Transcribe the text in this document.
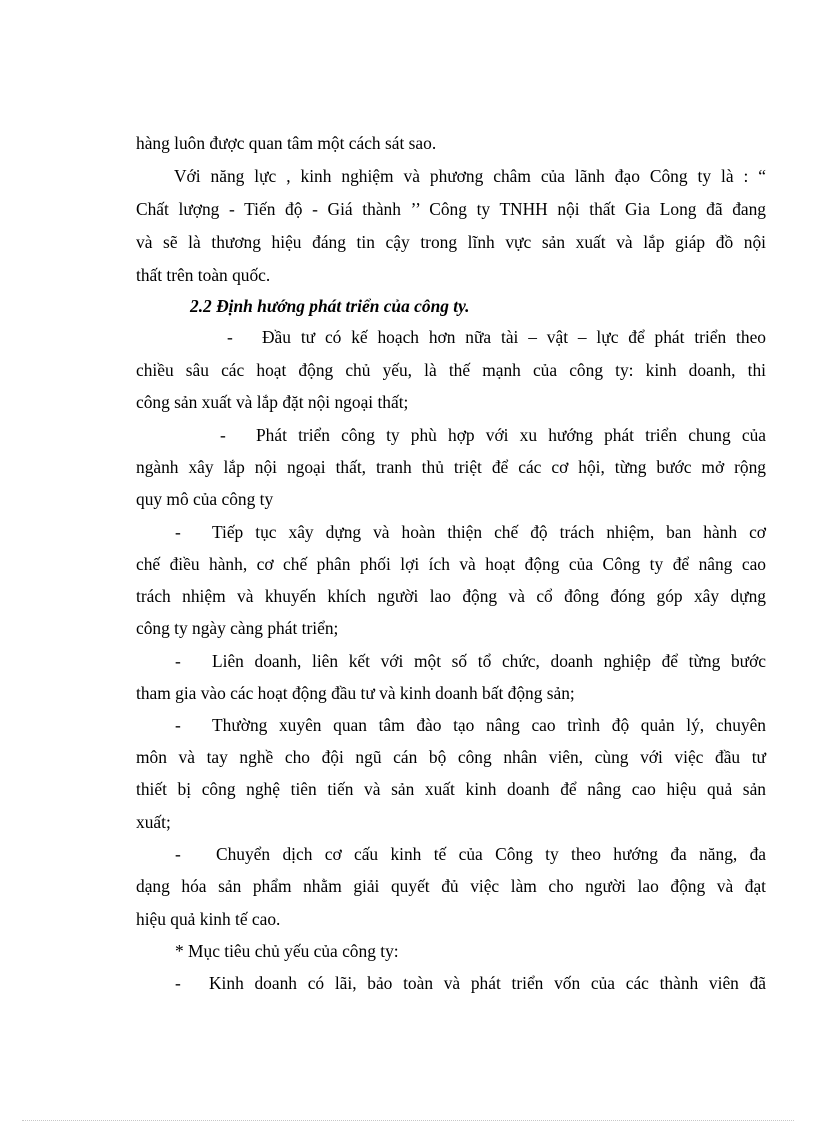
hàng luôn được quan tâm một cách sát sao.
Với năng lực , kinh nghiệm và phương châm của lãnh đạo Công ty là : “
Chất lượng - Tiến độ - Giá thành ’’ Công ty TNHH nội thất Gia Long đã đang
và sẽ là thương hiệu đáng tin cậy trong lĩnh vực sản xuất và lắp giáp đồ nội
thất trên toàn quốc.
2.2 Định hướng phát triển của công ty.
- Đầu tư có kế hoạch hơn nữa tài – vật – lực để phát triển theo
chiều sâu các hoạt động chủ yếu, là thế mạnh của công ty: kinh doanh, thi
công sản xuất và lắp đặt nội ngoại thất;
- Phát triển công ty phù hợp với xu hướng phát triển chung của
ngành xây lắp nội ngoại thất, tranh thủ triệt để các cơ hội, từng bước mở rộng
quy mô của công ty
- Tiếp tục xây dựng và hoàn thiện chế độ trách nhiệm, ban hành cơ
chế điều hành, cơ chế phân phối lợi ích và hoạt động của Công ty để nâng cao
trách nhiệm và khuyến khích người lao động và cổ đông đóng góp xây dựng
công ty ngày càng phát triển;
- Liên doanh, liên kết với một số tổ chức, doanh nghiệp để từng bước
tham gia vào các hoạt động đầu tư và kinh doanh bất động sản;
- Thường xuyên quan tâm đào tạo nâng cao trình độ quản lý, chuyên
môn và tay nghề cho đội ngũ cán bộ công nhân viên, cùng với việc đầu tư
thiết bị công nghệ tiên tiến và sản xuất kinh doanh để nâng cao hiệu quả sản
xuất;
- Chuyển dịch cơ cấu kinh tế của Công ty theo hướng đa năng, đa
dạng hóa sản phẩm nhằm giải quyết đủ việc làm cho người lao động và đạt
hiệu quả kinh tế cao.
* Mục tiêu chủ yếu của công ty:
- Kinh doanh có lãi, bảo toàn và phát triển vốn của các thành viên đã
